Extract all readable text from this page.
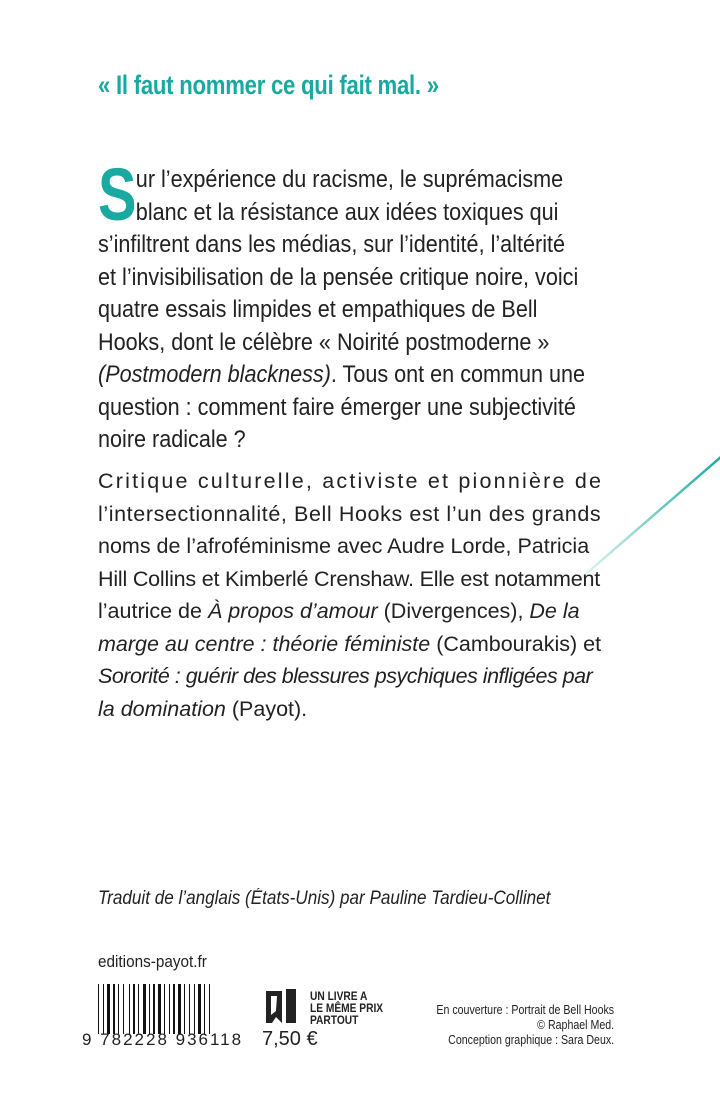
« Il faut nommer ce qui fait mal. »
S ur l’expérience du racisme, le suprémacisme
blanc et la résistance aux idées toxiques qui
s’infiltrent dans les médias, sur l’identité, l’altérité
et l’invisibilisation de la pensée critique noire, voici
quatre essais limpides et empathiques de Bell
Hooks, dont le célèbre « Noirité postmoderne »
(Postmodern blackness). Tous ont en commun une
question : comment faire émerger une subjectivité
noire radicale ?
Critique culturelle, activiste et pionnière de
l’intersectionnalité, Bell Hooks est l’un des grands
noms de l’afroféminisme avec Audre Lorde, Patricia
Hill Collins et Kimberlé Crenshaw. Elle est notamment
l’autrice de À propos d’amour (Divergences), De la
marge au centre : théorie féministe (Cambourakis) et
Sororité : guérir des blessures psychiques infligées par
la domination (Payot).
Traduit de l’anglais (États-Unis) par Pauline Tardieu-Collinet
editions-payot.fr
9 782228 936118
UN LIVRE A
LE MÊME PRIX
PARTOUT
7,50 €
En couverture : Portrait de Bell Hooks
© Raphael Med.
Conception graphique : Sara Deux.
